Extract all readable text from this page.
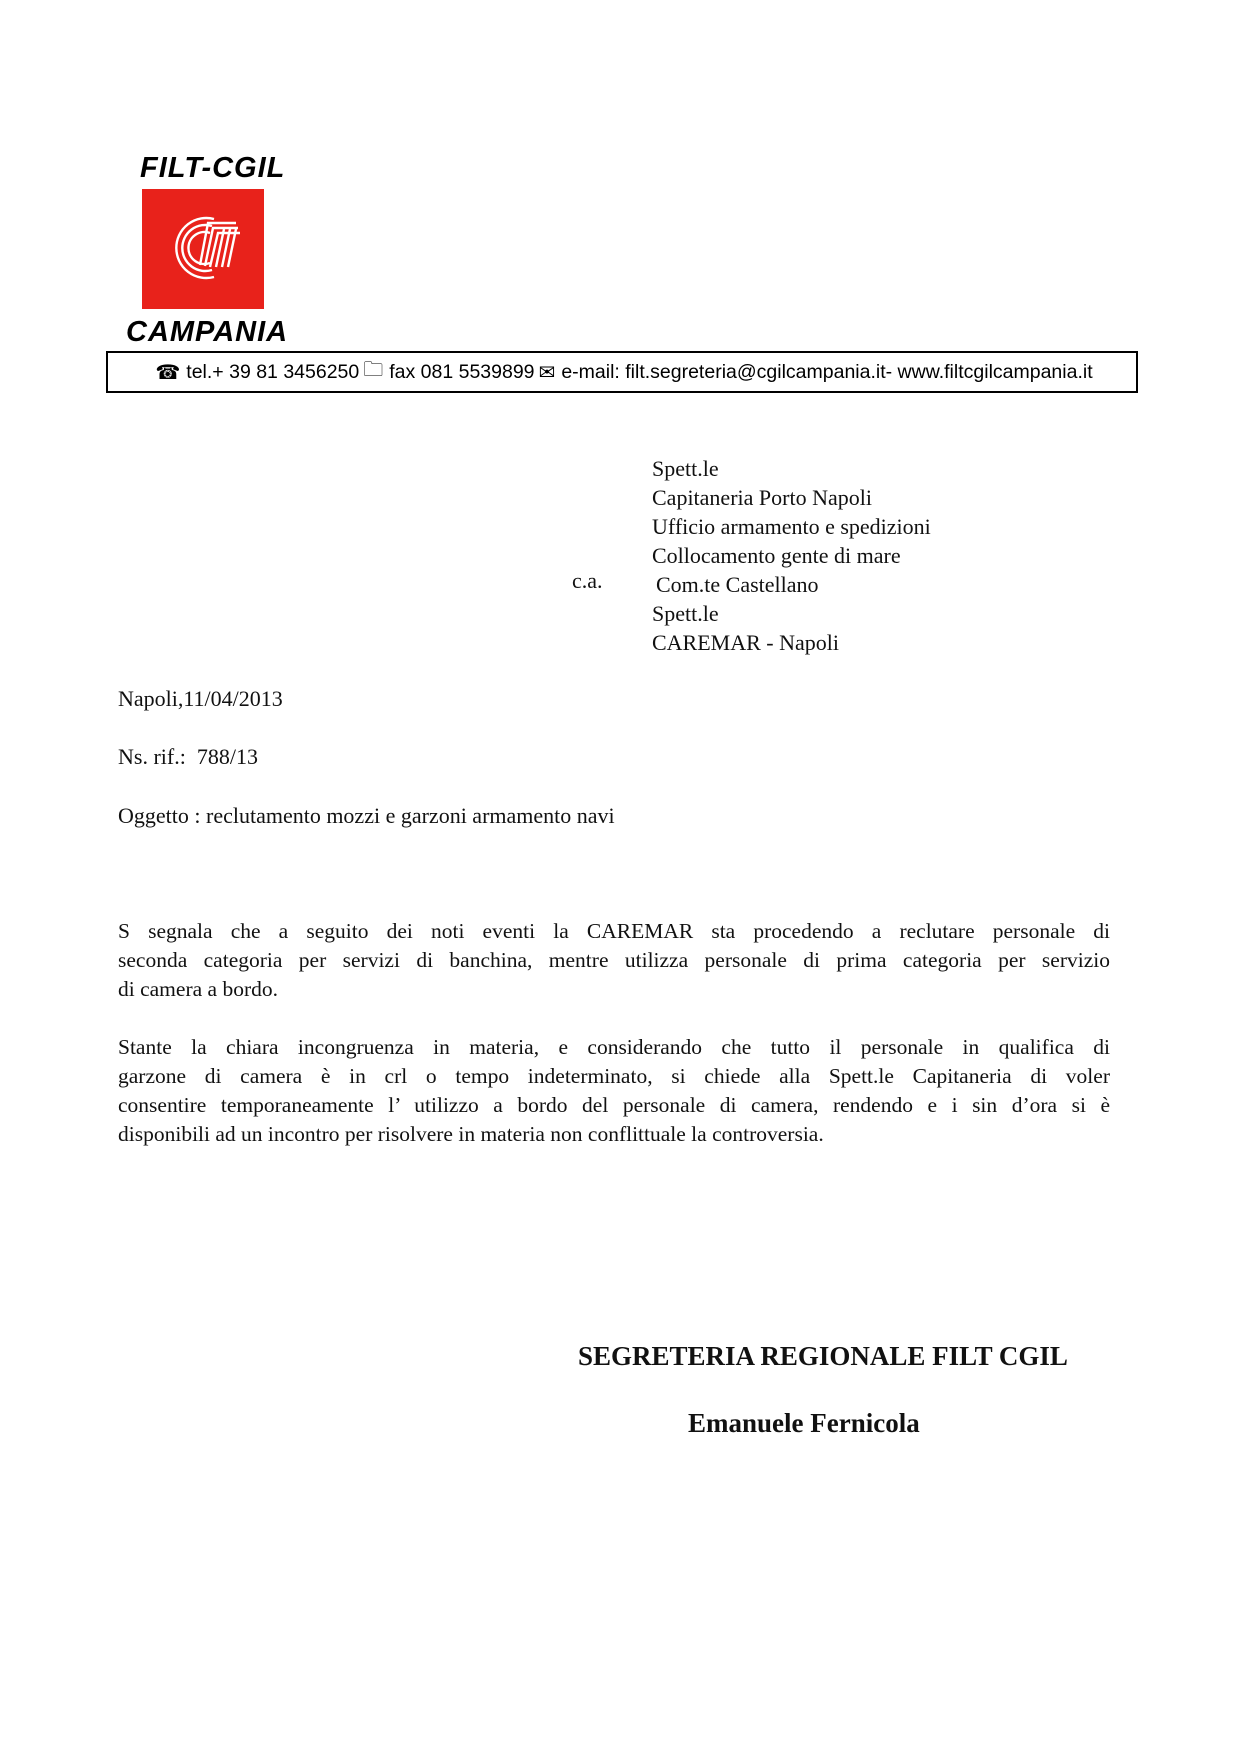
FILT-CGIL
CAMPANIA
☎ tel.+ 39 81 3456250 🗀 fax 081 5539899 ✉ e-mail: filt.segreteria@cgilcampania.it- www.filtcgilcampania.it
Spett.le
Capitaneria Porto Napoli
Ufficio armamento e spedizioni
Collocamento gente di mare
c.a. Com.te Castellano
Spett.le
CAREMAR - Napoli
Napoli,11/04/2013
Ns. rif.:  788/13
Oggetto : reclutamento mozzi e garzoni armamento navi
S segnala che a seguito dei noti eventi la CAREMAR sta procedendo a reclutare personale di
seconda categoria per servizi di banchina, mentre utilizza personale di prima categoria per servizio
di camera a bordo.
Stante la chiara incongruenza in materia, e considerando che tutto il personale in qualifica di
garzone di camera è in crl o tempo indeterminato, si chiede alla Spett.le Capitaneria di voler
consentire temporaneamente l’ utilizzo a bordo del personale di camera, rendendo e i sin d’ora si è
disponibili ad un incontro per risolvere in materia non conflittuale la controversia.
SEGRETERIA REGIONALE FILT CGIL
Emanuele Fernicola
